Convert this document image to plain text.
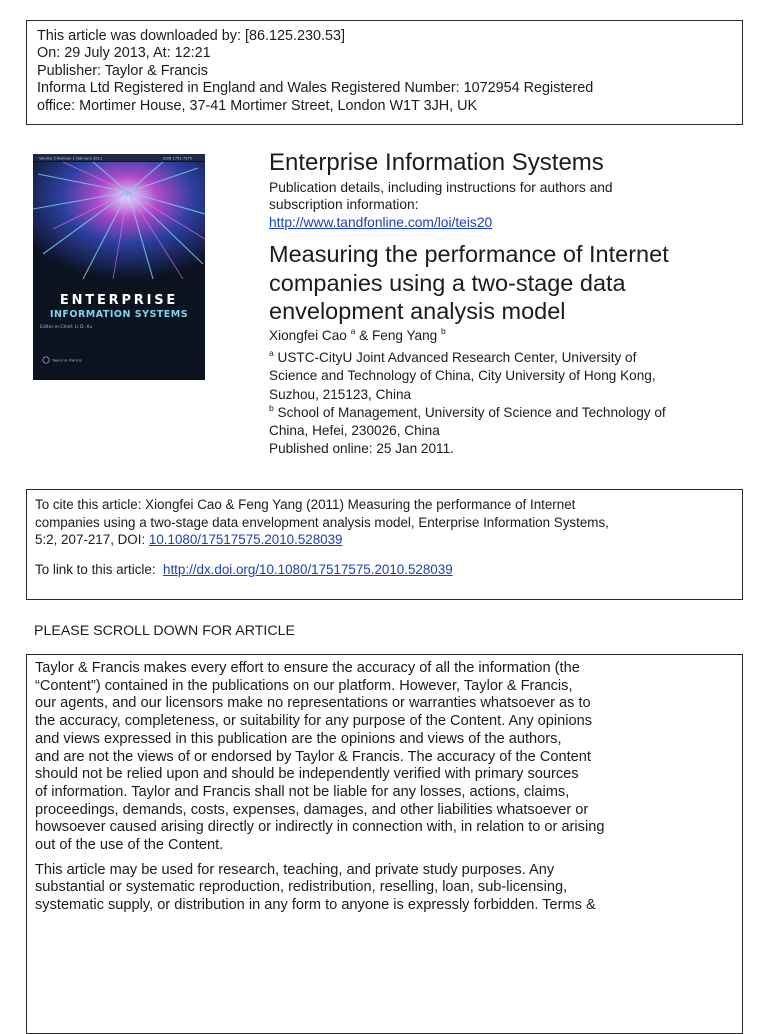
This article was downloaded by: [86.125.230.53]
On: 29 July 2013, At: 12:21
Publisher: Taylor & Francis
Informa Ltd Registered in England and Wales Registered Number: 1072954 Registered
office: Mortimer House, 37-41 Mortimer Street, London W1T 3JH, UK
Volume 5 Number 1 February 2011	ISSN 1751-7575
ENTERPRISE
INFORMATION SYSTEMS
Editor-in-Chief: Li D. Xu
Taylor & Francis
Enterprise Information Systems
Publication details, including instructions for authors and
subscription information:
http://www.tandfonline.com/loi/teis20
Measuring the performance of Internet
companies using a two-stage data
envelopment analysis model
Xiongfei Cao $^a$ & Feng Yang $^b$
$^a$ USTC-CityU Joint Advanced Research Center, University of
Science and Technology of China, City University of Hong Kong,
Suzhou, 215123, China
$^b$ School of Management, University of Science and Technology of
China, Hefei, 230026, China
Published online: 25 Jan 2011.
To cite this article: Xiongfei Cao & Feng Yang (2011) Measuring the performance of Internet
companies using a two-stage data envelopment analysis model, Enterprise Information Systems,
5:2, 207-217, DOI: 10.1080/17517575.2010.528039
To link to this article:  http://dx.doi.org/10.1080/17517575.2010.528039
PLEASE SCROLL DOWN FOR ARTICLE
Taylor & Francis makes every effort to ensure the accuracy of all the information (the
“Content”) contained in the publications on our platform. However, Taylor & Francis,
our agents, and our licensors make no representations or warranties whatsoever as to
the accuracy, completeness, or suitability for any purpose of the Content. Any opinions
and views expressed in this publication are the opinions and views of the authors,
and are not the views of or endorsed by Taylor & Francis. The accuracy of the Content
should not be relied upon and should be independently verified with primary sources
of information. Taylor and Francis shall not be liable for any losses, actions, claims,
proceedings, demands, costs, expenses, damages, and other liabilities whatsoever or
howsoever caused arising directly or indirectly in connection with, in relation to or arising
out of the use of the Content.
This article may be used for research, teaching, and private study purposes. Any
substantial or systematic reproduction, redistribution, reselling, loan, sub-licensing,
systematic supply, or distribution in any form to anyone is expressly forbidden. Terms &
